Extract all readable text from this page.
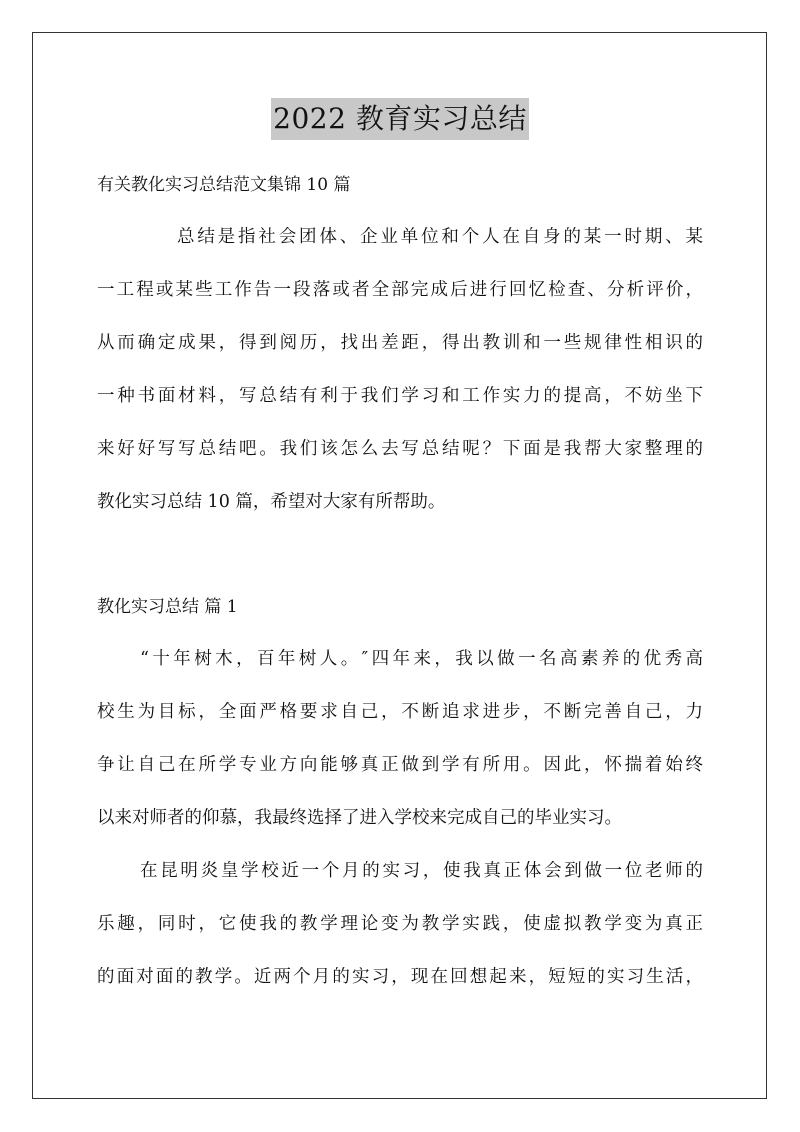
2022 教育实习总结
有关教化实习总结范文集锦 10 篇
总结是指社会团体、企业单位和个人在自身的某一时期、某
一工程或某些工作告一段落或者全部完成后进行回忆检查、分析评价，
从而确定成果，得到阅历，找出差距，得出教训和一些规律性相识的
一种书面材料，写总结有利于我们学习和工作实力的提高，不妨坐下
来好好写写总结吧。我们该怎么去写总结呢？下面是我帮大家整理的
教化实习总结 10 篇，希望对大家有所帮助。
教化实习总结 篇 1
“十年树木，百年树人。″四年来，我以做一名高素养的优秀高
校生为目标，全面严格要求自己，不断追求进步，不断完善自己，力
争让自己在所学专业方向能够真正做到学有所用。因此，怀揣着始终
以来对师者的仰慕，我最终选择了进入学校来完成自己的毕业实习。
在昆明炎皇学校近一个月的实习，使我真正体会到做一位老师的
乐趣，同时，它使我的教学理论变为教学实践，使虚拟教学变为真正
的面对面的教学。近两个月的实习，现在回想起来，短短的实习生活，
